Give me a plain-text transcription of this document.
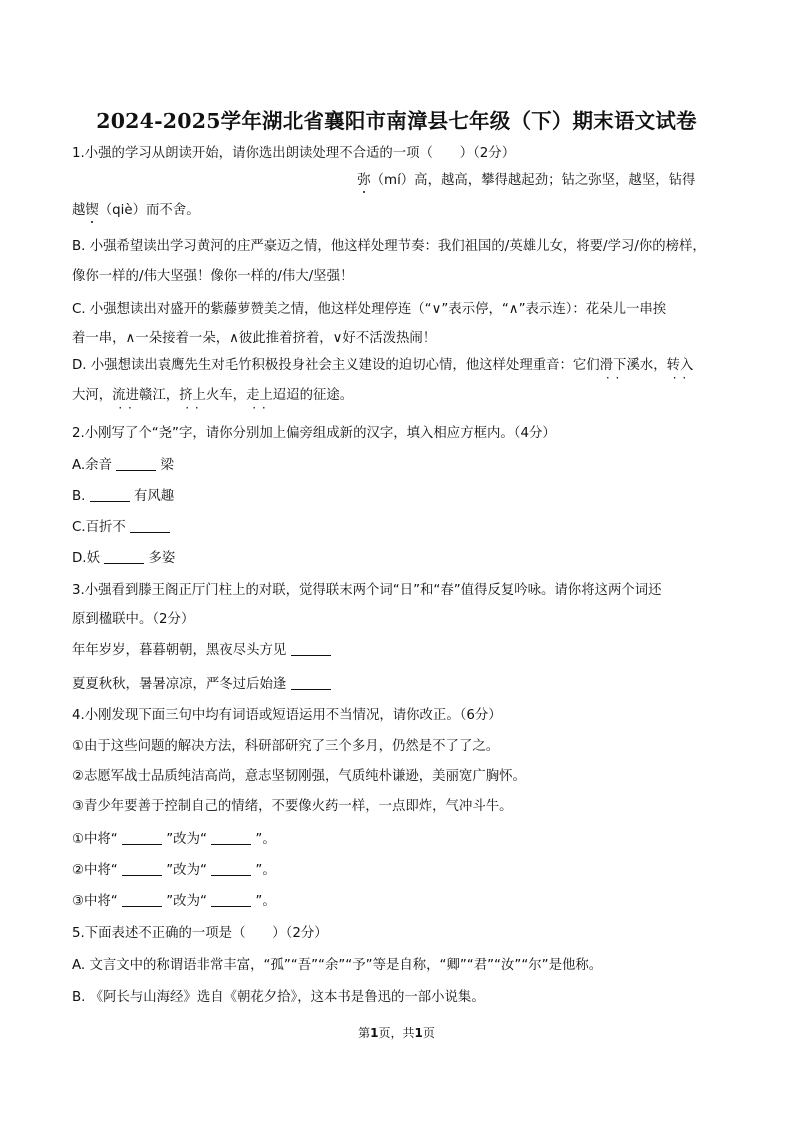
2024-2025学年湖北省襄阳市南漳县七年级（下）期末语文试卷
1.小强的学习从朗读开始，请你选出朗读处理不合适的一项（　　）（2分）
弥（mí）高，越高，攀得越起劲；钻之弥坚，越坚，钻得
越锲（qiè）而不舍。
B. 小强希望读出学习黄河的庄严豪迈之情，他这样处理节奏：我们祖国的/英雄儿女，将要/学习/你的榜样，
像你一样的/伟大坚强！像你一样的/伟大/坚强！
C. 小强想读出对盛开的紫藤萝赞美之情，他这样处理停连（“∨”表示停，“∧”表示连）：花朵儿一串挨
着一串，∧一朵接着一朵，∧彼此推着挤着，∨好不活泼热闹！
D. 小强想读出袁鹰先生对毛竹积极投身社会主义建设的迫切心情，他这样处理重音：它们滑下 · ·溪水，转入 · ·
大河，流进 · ·赣江，挤上 · ·火车，走上 · ·迢迢的征途。
2.小刚写了个“尧”字，请你分别加上偏旁组成新的汉字，填入相应方框内。（4分）
A.余音	梁
B.	有风趣
C.百折不
D.妖	多姿
3.小强看到滕王阁正厅门柱上的对联，觉得联末两个词“日”和“春”值得反复吟咏。请你将这两个词还
原到楹联中。（2分）
年年岁岁，暮暮朝朝，黑夜尽头方见
夏夏秋秋，暑暑凉凉，严冬过后始逢
4.小刚发现下面三句中均有词语或短语运用不当情况，请你改正。（6分）
①由于这些问题的解决方法，科研部研究了三个多月，仍然是不了了之。
②志愿军战士品质纯洁高尚，意志坚韧刚强，气质纯朴谦逊，美丽宽广胸怀。
③青少年要善于控制自己的情绪，不要像火药一样，一点即炸，气冲斗牛。
①中将“	”改为“	”。
②中将“	”改为“	”。
③中将“	”改为“	”。
5.下面表述不正确的一项是（　　）（2分）
A. 文言文中的称谓语非常丰富，“孤”“吾”“余”“予”等是自称，“卿”“君”“汝”“尔”是他称。
B. 《阿长与山海经》选自《朝花夕拾》，这本书是鲁迅的一部小说集。
第1页，共1页
